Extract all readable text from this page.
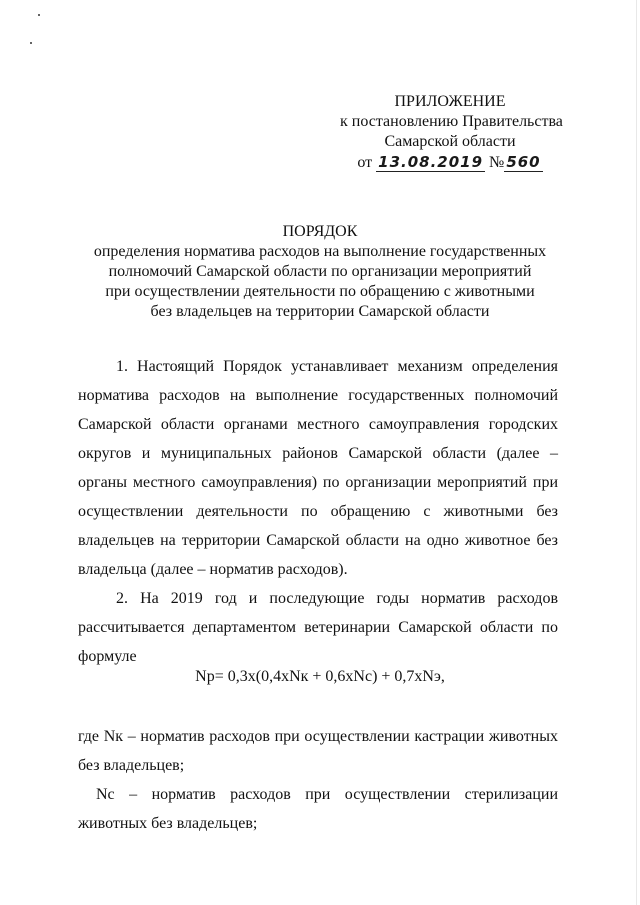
ПРИЛОЖЕНИЕ
к постановлению Правительства
Самарской области
от 13.08.2019 № 560
ПОРЯДОК
определения норматива расходов на выполнение государственных
полномочий Самарской области по организации мероприятий
при осуществлении деятельности по обращению с животными
без владельцев на территории Самарской области

1. Настоящий Порядок устанавливает механизм определения норматива расходов на выполнение государственных полномочий Самарской области органами местного самоуправления городских округов и муниципальных районов Самарской области (далее – органы местного самоуправления) по организации мероприятий при осуществлении деятельности по обращению с животными без владельцев на территории Самарской области на одно животное без владельца (далее – норматив расходов).

2. На 2019 год и последующие годы норматив расходов рассчитывается департаментом ветеринарии Самарской области по формуле

Np= 0,3x(0,4xNк + 0,6xNс) + 0,7xNэ,

где Nк – норматив расходов при осуществлении кастрации животных без владельцев;

Nс – норматив расходов при осуществлении стерилизации животных без владельцев;
